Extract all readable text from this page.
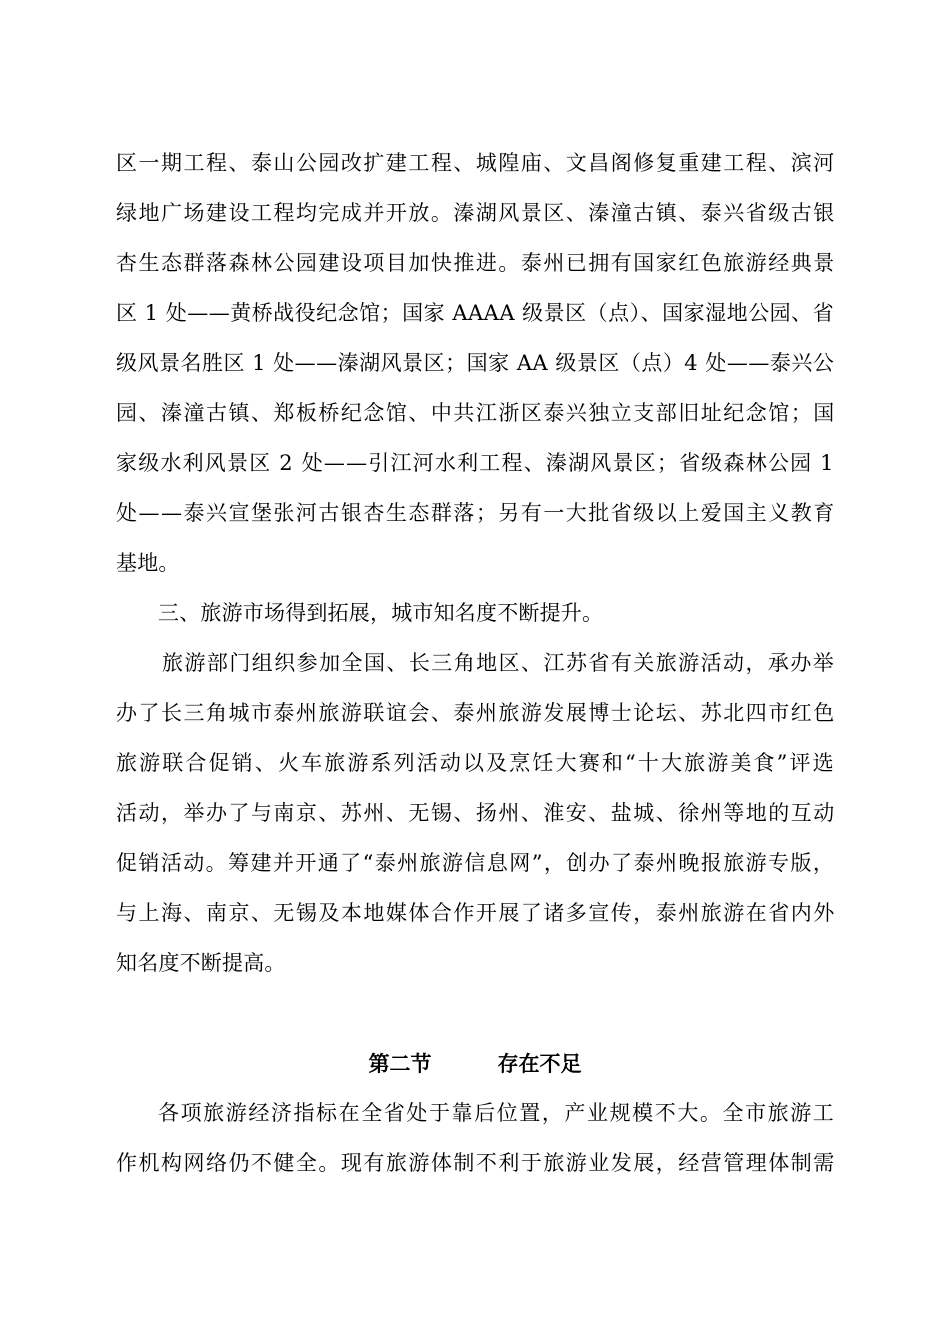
区一期工程、泰山公园改扩建工程、城隍庙、文昌阁修复重建工程、滨河
绿地广场建设工程均完成并开放。溱湖风景区、溱潼古镇、泰兴省级古银
杏生态群落森林公园建设项目加快推进。泰州已拥有国家红色旅游经典景
区 1 处——黄桥战役纪念馆；国家 AAAA 级景区（点）、国家湿地公园、省
级风景名胜区 1 处——溱湖风景区；国家 AA 级景区（点）4 处——泰兴公
园、溱潼古镇、郑板桥纪念馆、中共江浙区泰兴独立支部旧址纪念馆；国
家级水利风景区 2 处——引江河水利工程、溱湖风景区；省级森林公园 1
处——泰兴宣堡张河古银杏生态群落；另有一大批省级以上爱国主义教育
基地。
三、旅游市场得到拓展，城市知名度不断提升。
旅游部门组织参加全国、长三角地区、江苏省有关旅游活动，承办举
办了长三角城市泰州旅游联谊会、泰州旅游发展博士论坛、苏北四市红色
旅游联合促销、火车旅游系列活动以及烹饪大赛和“十大旅游美食”评选
活动，举办了与南京、苏州、无锡、扬州、淮安、盐城、徐州等地的互动
促销活动。筹建并开通了“泰州旅游信息网”，创办了泰州晚报旅游专版，
与上海、南京、无锡及本地媒体合作开展了诸多宣传，泰州旅游在省内外
知名度不断提高。
第二节	存在不足
各项旅游经济指标在全省处于靠后位置，产业规模不大。全市旅游工
作机构网络仍不健全。现有旅游体制不利于旅游业发展，经营管理体制需
